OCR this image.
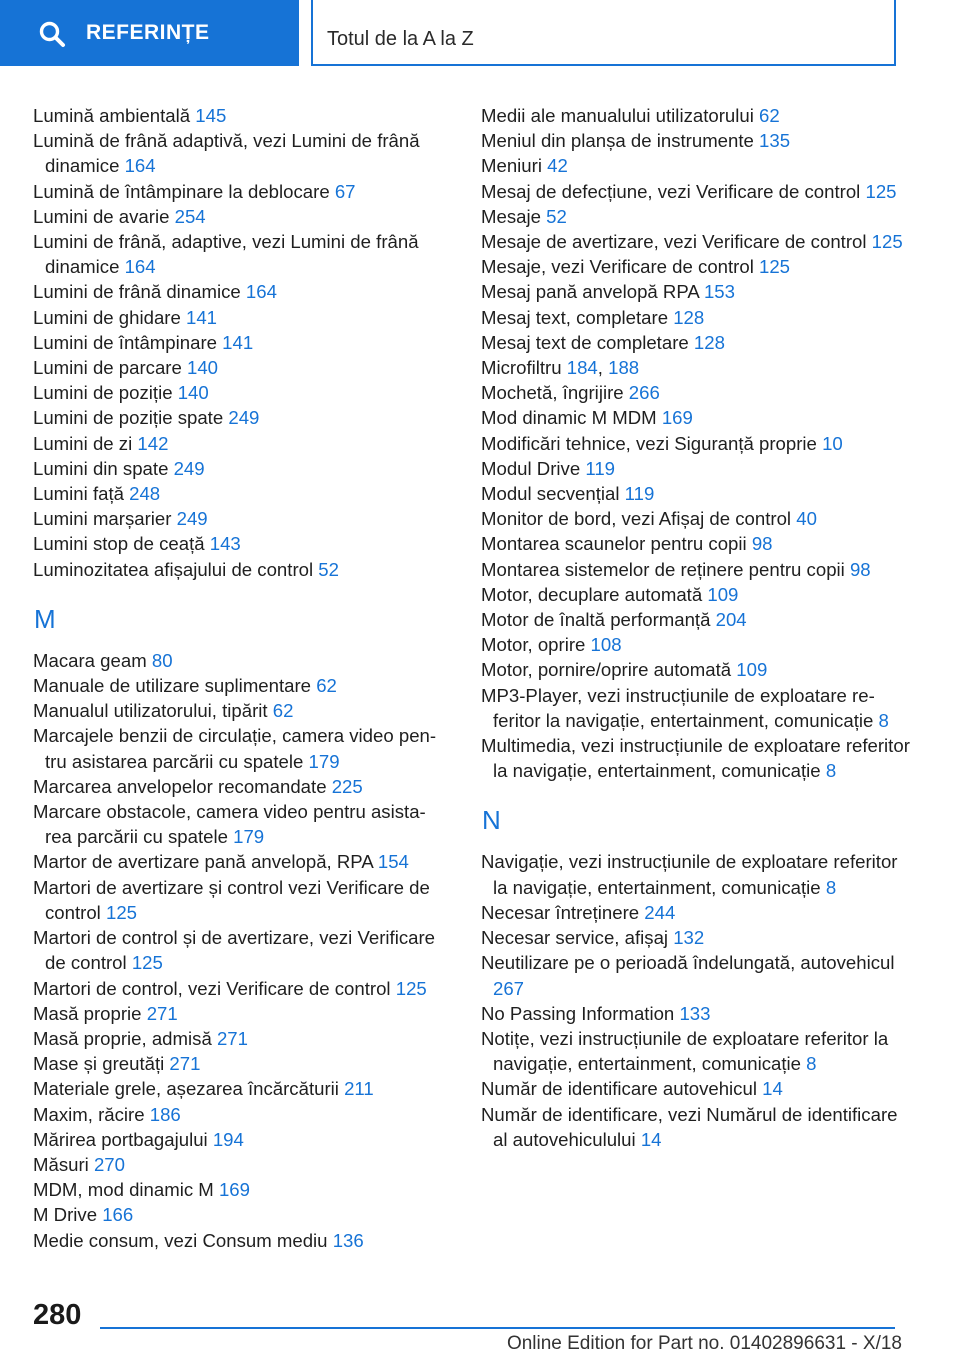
REFERINȚE	Totul de la A la Z
Lumină ambientală 145
Lumină de frână adaptivă, vezi Lumini de frână dinamice 164
Lumină de întâmpinare la deblocare 67
Lumini de avarie 254
Lumini de frână, adaptive, vezi Lumini de frână dinamice 164
Lumini de frână dinamice 164
Lumini de ghidare 141
Lumini de întâmpinare 141
Lumini de parcare 140
Lumini de poziție 140
Lumini de poziție spate 249
Lumini de zi 142
Lumini din spate 249
Lumini față 248
Lumini marșarier 249
Lumini stop de ceață 143
Luminozitatea afișajului de control 52
M
Macara geam 80
Manuale de utilizare suplimentare 62
Manualul utilizatorului, tipărit 62
Marcajele benzii de circulație, camera video pentru asistarea parcării cu spatele 179
Marcarea anvelopelor recomandate 225
Marcare obstacole, camera video pentru asistarea parcării cu spatele 179
Martor de avertizare pană anvelopă, RPA 154
Martori de avertizare și control vezi Verificare de control 125
Martori de control și de avertizare, vezi Verificare de control 125
Martori de control, vezi Verificare de control 125
Masă proprie 271
Masă proprie, admisă 271
Mase și greutăți 271
Materiale grele, așezarea încărcăturii 211
Maxim, răcire 186
Mărirea portbagajului 194
Măsuri 270
MDM, mod dinamic M 169
M Drive 166
Medie consum, vezi Consum mediu 136
Medii ale manualului utilizatorului 62
Meniul din planșa de instrumente 135
Meniuri 42
Mesaj de defecțiune, vezi Verificare de control 125
Mesaje 52
Mesaje de avertizare, vezi Verificare de control 125
Mesaje, vezi Verificare de control 125
Mesaj pană anvelopă RPA 153
Mesaj text, completare 128
Mesaj text de completare 128
Microfiltru 184, 188
Mochetă, îngrijire 266
Mod dinamic M MDM 169
Modificări tehnice, vezi Siguranță proprie 10
Modul Drive 119
Modul secvențial 119
Monitor de bord, vezi Afișaj de control 40
Montarea scaunelor pentru copii 98
Montarea sistemelor de reținere pentru copii 98
Motor, decuplare automată 109
Motor de înaltă performanță 204
Motor, oprire 108
Motor, pornire/oprire automată 109
MP3-Player, vezi instrucțiunile de exploatare referitor la navigație, entertainment, comunicație 8
Multimedia, vezi instrucțiunile de exploatare referitor la navigație, entertainment, comunicație 8
N
Navigație, vezi instrucțiunile de exploatare referitor la navigație, entertainment, comunicație 8
Necesar întreținere 244
Necesar service, afișaj 132
Neutilizare pe o perioadă îndelungată, autovehicul 267
No Passing Information 133
Notițe, vezi instrucțiunile de exploatare referitor la navigație, entertainment, comunicație 8
Număr de identificare autovehicul 14
Număr de identificare, vezi Numărul de identificare al autovehiculului 14
280
Online Edition for Part no. 01402896631 - X/18
